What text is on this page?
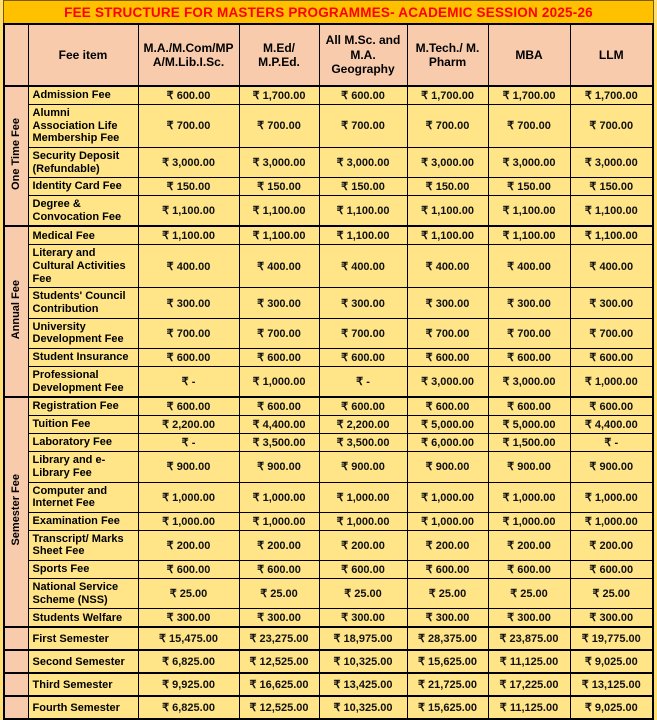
FEE STRUCTURE FOR MASTERS PROGRAMMES- ACADEMIC SESSION 2025-26
	Fee item	M.A./M.Com/MPA/M.Lib.I.Sc.	M.Ed/ M.P.Ed.	All M.Sc. and M.A. Geography	M.Tech./ M. Pharm	MBA	LLM
One Time Fee	Admission Fee	₹ 600.00	₹ 1,700.00	₹ 600.00	₹ 1,700.00	₹ 1,700.00	₹ 1,700.00
	Alumni Association Life Membership Fee	₹ 700.00	₹ 700.00	₹ 700.00	₹ 700.00	₹ 700.00	₹ 700.00
	Security Deposit (Refundable)	₹ 3,000.00	₹ 3,000.00	₹ 3,000.00	₹ 3,000.00	₹ 3,000.00	₹ 3,000.00
	Identity Card Fee	₹ 150.00	₹ 150.00	₹ 150.00	₹ 150.00	₹ 150.00	₹ 150.00
	Degree & Convocation Fee	₹ 1,100.00	₹ 1,100.00	₹ 1,100.00	₹ 1,100.00	₹ 1,100.00	₹ 1,100.00
Annual Fee	Medical Fee	₹ 1,100.00	₹ 1,100.00	₹ 1,100.00	₹ 1,100.00	₹ 1,100.00	₹ 1,100.00
	Literary and Cultural Activities Fee	₹ 400.00	₹ 400.00	₹ 400.00	₹ 400.00	₹ 400.00	₹ 400.00
	Students' Council Contribution	₹ 300.00	₹ 300.00	₹ 300.00	₹ 300.00	₹ 300.00	₹ 300.00
	University Development Fee	₹ 700.00	₹ 700.00	₹ 700.00	₹ 700.00	₹ 700.00	₹ 700.00
	Student Insurance	₹ 600.00	₹ 600.00	₹ 600.00	₹ 600.00	₹ 600.00	₹ 600.00
	Professional Development Fee	₹ -	₹ 1,000.00	₹ -	₹ 3,000.00	₹ 3,000.00	₹ 1,000.00
Semester Fee	Registration Fee	₹ 600.00	₹ 600.00	₹ 600.00	₹ 600.00	₹ 600.00	₹ 600.00
	Tuition Fee	₹ 2,200.00	₹ 4,400.00	₹ 2,200.00	₹ 5,000.00	₹ 5,000.00	₹ 4,400.00
	Laboratory Fee	₹ -	₹ 3,500.00	₹ 3,500.00	₹ 6,000.00	₹ 1,500.00	₹ -
	Library and e-Library Fee	₹ 900.00	₹ 900.00	₹ 900.00	₹ 900.00	₹ 900.00	₹ 900.00
	Computer and Internet Fee	₹ 1,000.00	₹ 1,000.00	₹ 1,000.00	₹ 1,000.00	₹ 1,000.00	₹ 1,000.00
	Examination Fee	₹ 1,000.00	₹ 1,000.00	₹ 1,000.00	₹ 1,000.00	₹ 1,000.00	₹ 1,000.00
	Transcript/ Marks Sheet Fee	₹ 200.00	₹ 200.00	₹ 200.00	₹ 200.00	₹ 200.00	₹ 200.00
	Sports Fee	₹ 600.00	₹ 600.00	₹ 600.00	₹ 600.00	₹ 600.00	₹ 600.00
	National Service Scheme (NSS)	₹ 25.00	₹ 25.00	₹ 25.00	₹ 25.00	₹ 25.00	₹ 25.00
	Students Welfare	₹ 300.00	₹ 300.00	₹ 300.00	₹ 300.00	₹ 300.00	₹ 300.00
	First Semester	₹ 15,475.00	₹ 23,275.00	₹ 18,975.00	₹ 28,375.00	₹ 23,875.00	₹ 19,775.00
	Second Semester	₹ 6,825.00	₹ 12,525.00	₹ 10,325.00	₹ 15,625.00	₹ 11,125.00	₹ 9,025.00
	Third Semester	₹ 9,925.00	₹ 16,625.00	₹ 13,425.00	₹ 21,725.00	₹ 17,225.00	₹ 13,125.00
	Fourth Semester	₹ 6,825.00	₹ 12,525.00	₹ 10,325.00	₹ 15,625.00	₹ 11,125.00	₹ 9,025.00
